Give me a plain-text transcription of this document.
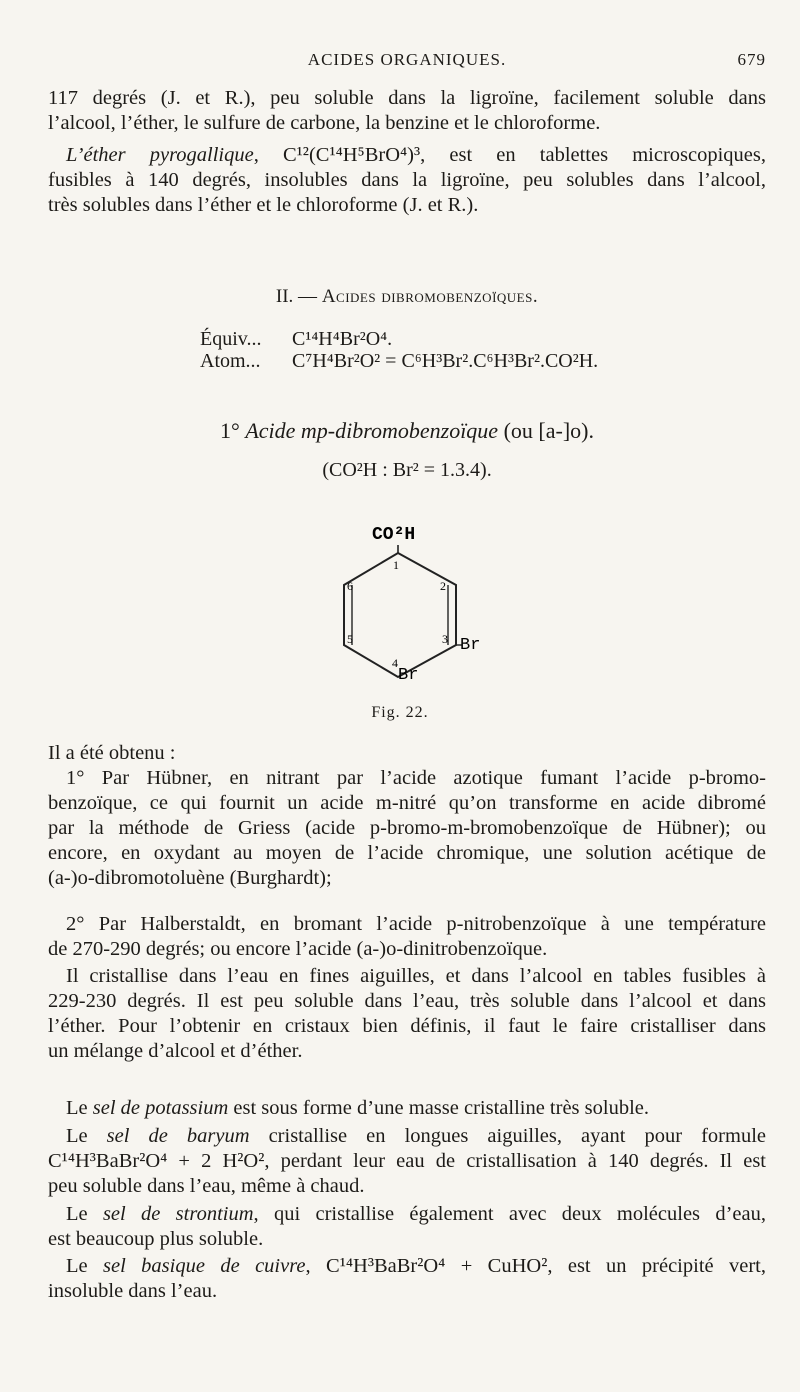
ACIDES ORGANIQUES.	679
117 degrés (J. et R.), peu soluble dans la ligroïne, facilement soluble dans
l’alcool, l’éther, le sulfure de carbone, la benzine et le chloroforme.
L’éther pyrogallique, C¹²(C¹⁴H⁵BrO⁴)³, est en tablettes microscopiques,
fusibles à 140 degrés, insolubles dans la ligroïne, peu solubles dans l’alcool,
très solubles dans l’éther et le chloroforme (J. et R.).
II. — Acides dibromobenzoïques.
Équiv... C¹⁴H⁴Br²O⁴.
Atom... C⁷H⁴Br²O² = C⁶H³Br².C⁶H³Br².CO²H.
1° Acide mp-dibromobenzoïque (ou [a-]o).
(CO²H : Br² = 1.3.4).
CO²H
1
2
3
4
5
6
Br
Br
Fig. 22.
Il a été obtenu :
1° Par Hübner, en nitrant par l’acide azotique fumant l’acide p-bromo-
benzoïque, ce qui fournit un acide m-nitré qu’on transforme en acide dibromé
par la méthode de Griess (acide p-bromo-m-bromobenzoïque de Hübner); ou
encore, en oxydant au moyen de l’acide chromique, une solution acétique de
(a-)o-dibromotoluène (Burghardt);
2° Par Halberstaldt, en bromant l’acide p-nitrobenzoïque à une température
de 270-290 degrés; ou encore l’acide (a-)o-dinitrobenzoïque.
Il cristallise dans l’eau en fines aiguilles, et dans l’alcool en tables fusibles à
229-230 degrés. Il est peu soluble dans l’eau, très soluble dans l’alcool et dans
l’éther. Pour l’obtenir en cristaux bien définis, il faut le faire cristalliser dans
un mélange d’alcool et d’éther.
Le sel de potassium est sous forme d’une masse cristalline très soluble.
Le sel de baryum cristallise en longues aiguilles, ayant pour formule
C¹⁴H³BaBr²O⁴ + 2 H²O², perdant leur eau de cristallisation à 140 degrés. Il est
peu soluble dans l’eau, même à chaud.
Le sel de strontium, qui cristallise également avec deux molécules d’eau,
est beaucoup plus soluble.
Le sel basique de cuivre, C¹⁴H³BaBr²O⁴ + CuHO², est un précipité vert,
insoluble dans l’eau.
